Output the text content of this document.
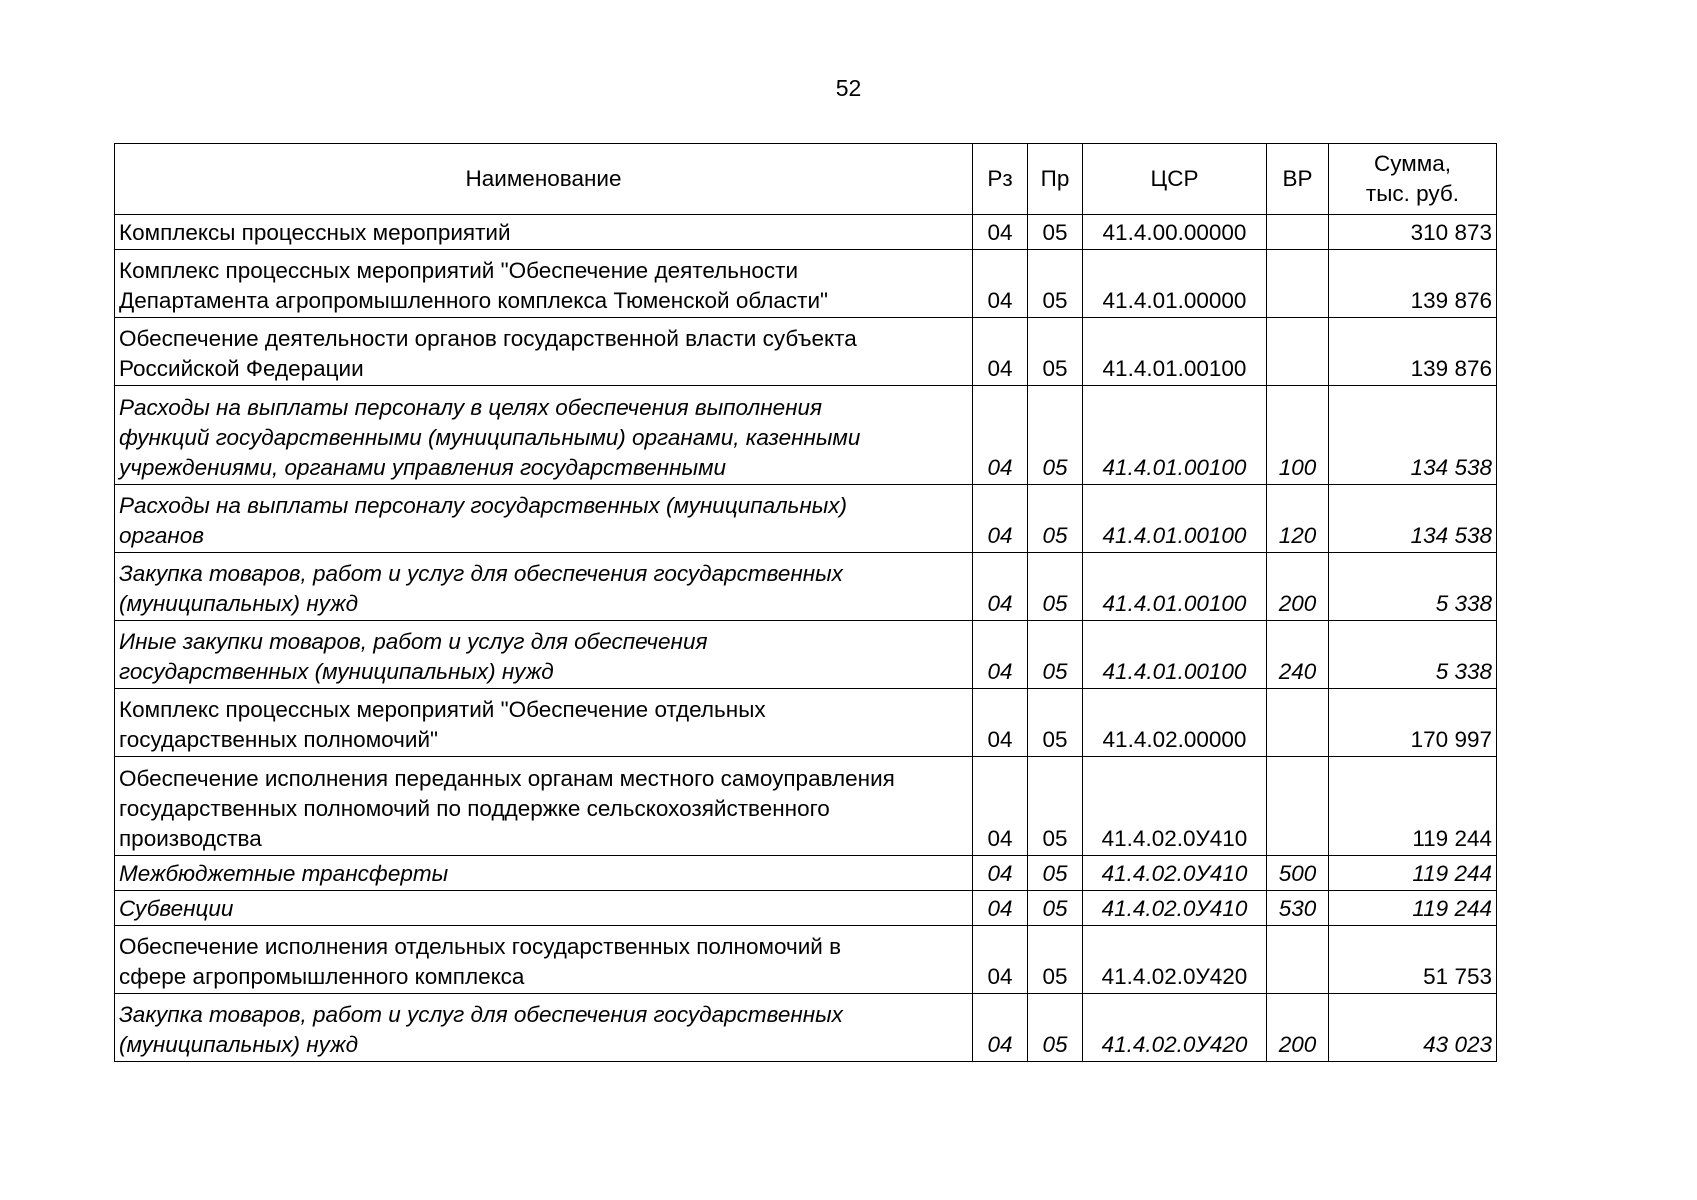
52
Наименование	Рз	Пр	ЦСР	ВР	Сумма,
тыс. руб.

Комплексы процессных мероприятий	04	05	41.4.00.00000		310 873

Комплекс процессных мероприятий "Обеспечение деятельности
Департамента агропромышленного комплекса Тюменской области"	04	05	41.4.01.00000		139 876

Обеспечение деятельности органов государственной власти субъекта
Российской Федерации	04	05	41.4.01.00100		139 876

Расходы на выплаты персоналу в целях обеспечения выполнения
функций государственными (муниципальными) органами, казенными
учреждениями, органами управления государственными	04	05	41.4.01.00100	100	134 538

Расходы на выплаты персоналу государственных (муниципальных)
органов	04	05	41.4.01.00100	120	134 538

Закупка товаров, работ и услуг для обеспечения государственных
(муниципальных) нужд	04	05	41.4.01.00100	200	5 338

Иные закупки товаров, работ и услуг для обеспечения
государственных (муниципальных) нужд	04	05	41.4.01.00100	240	5 338

Комплекс процессных мероприятий "Обеспечение отдельных
государственных полномочий"	04	05	41.4.02.00000		170 997

Обеспечение исполнения переданных органам местного самоуправления
государственных полномочий по поддержке сельскохозяйственного
производства	04	05	41.4.02.0У410		119 244

Межбюджетные трансферты	04	05	41.4.02.0У410	500	119 244

Субвенции	04	05	41.4.02.0У410	530	119 244

Обеспечение исполнения отдельных государственных полномочий в
сфере агропромышленного комплекса	04	05	41.4.02.0У420		51 753

Закупка товаров, работ и услуг для обеспечения государственных
(муниципальных) нужд	04	05	41.4.02.0У420	200	43 023
